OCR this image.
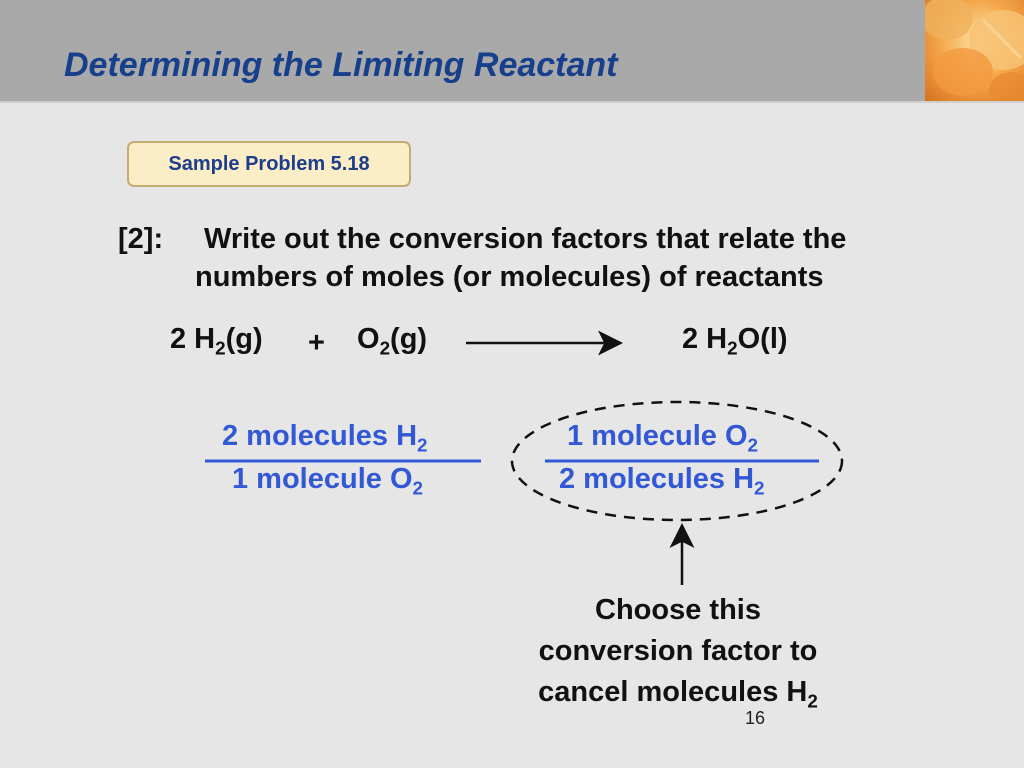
Determining the Limiting Reactant
Sample Problem 5.18
[2]: Write out the conversion factors that relate the
numbers of moles (or molecules) of reactants
2 $H_2(g) + O_2(g)$	2 $H_2O(l)$
2 molecules $H_2$
1 molecule $O_2$
1 molecule $O_2$
2 molecules $H_2$
Choose this
conversion factor to
cancel molecules $H_2$
16
